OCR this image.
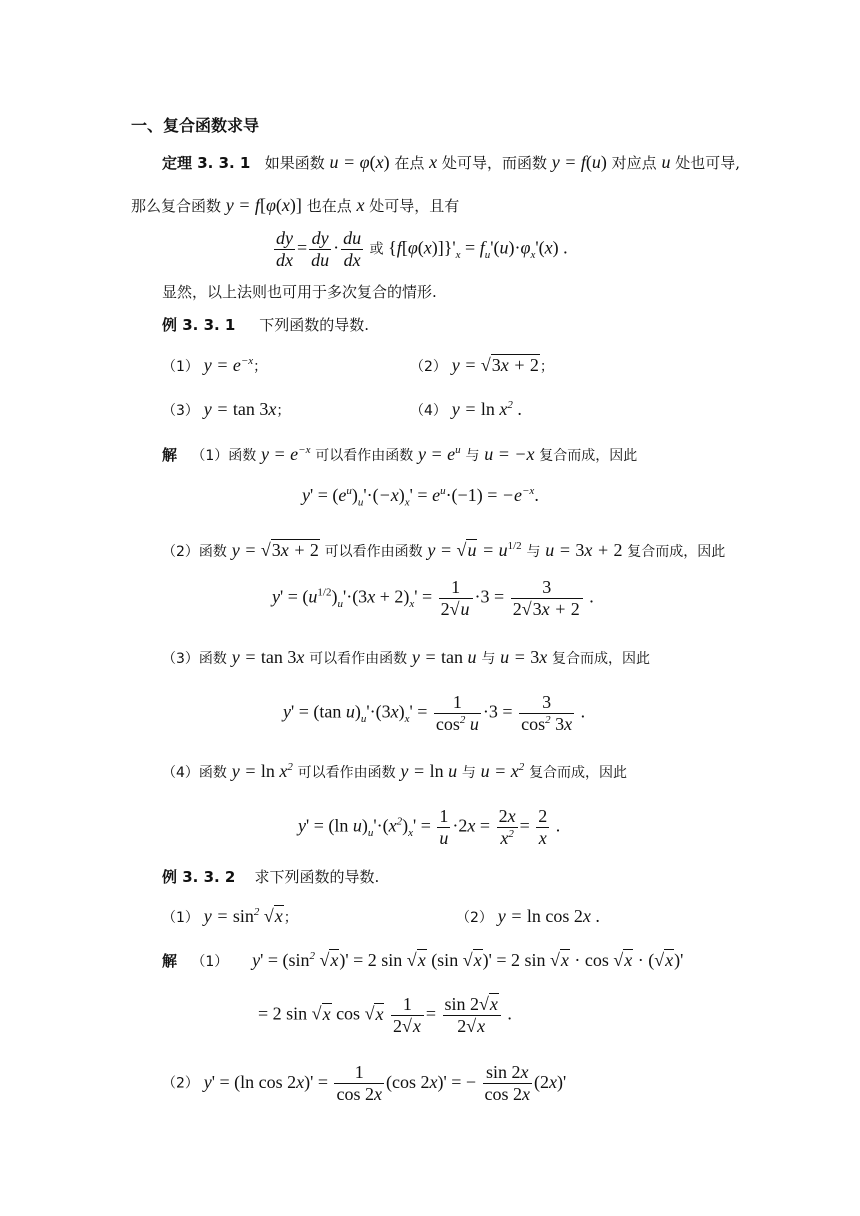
一、复合函数求导
定理 3. 3. 1 如果函数 u = φ(x) 在点 x 处可导，而函数 y = f(u) 对应点 u 处也可导,
那么复合函数 y = f[φ(x)] 也在点 x 处可导，且有
$\frac{dy}{dx} = \frac{dy}{du} \cdot \frac{du}{dx}$ 或 $\{f[\varphi(x)]\}'_x = f_u'(u)\cdot\varphi_x'(x)$ .
显然，以上法则也可用于多次复合的情形.
例 3. 3. 1 下列函数的导数.
（1） $y = e^{-x}$；	（2） y = √3x + 2；
（3） y = tan 3x；	（4） $y = \ln x^2$ .
解 （1）函数 $y = e^{-x}$ 可以看作由函数 $y = e^u$ 与 u = −x 复合而成，因此
$y' = (e^u)_u'\cdot(-x)_x' = e^u\cdot(-1) = -e^{-x}$.
（2）函数 y = √3x + 2 可以看作由函数 $y = √u = u^{1/2}$ 与 u = 3x + 2 复合而成，因此
$y' = (u^{1/2})_u'\cdot(3x + 2)_x' = \frac{1}{2√u} \cdot 3 = \frac{3}{2√3x + 2}$ .
（3）函数 y = tan 3x 可以看作由函数 y = tan u 与 u = 3x 复合而成，因此
y' = (tan $u)_u'\cdot(3x)_x' = \frac{1}{\cos^2 u} \cdot 3 = \frac{3}{\cos^2 3x}$ .
（4）函数 $y = \ln x^2$ 可以看作由函数 y = ln u 与 $u = x^2$ 复合而成，因此
y' = (ln $u)_u'\cdot(x^2)_x' = \frac{1}{u} \cdot 2x = \frac{2x}{x^2} = \frac{2}{x}$ .
例 3. 3. 2 求下列函数的导数.
（1） $y = \sin^2 √x$；	（2） y = ln cos 2x .
解 （1） $y' = (\sin^2$ √x)' = 2 sin √x (sin √x)' = 2 sin √x · cos √x · (√x)'
= 2 sin √x $\cos √x \frac{1}{2√x} = \frac{\sin 2√x}{2√x}$ .
（2） y' = (ln $\cos 2x)' = \frac{1}{\cos 2x} (\cos$ 2x)' = − $\frac{\sin 2x}{\cos 2x} (2x)'$
